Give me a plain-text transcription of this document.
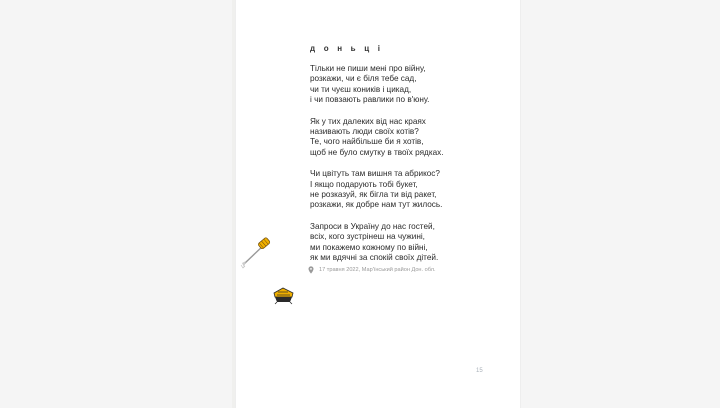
д о н ь ц і
Тільки не пиши мені про війну,
розкажи, чи є біля тебе сад,
чи ти чуєш коників і цикад,
і чи повзають равлики по в'юну.
Як у тих далеких від нас краях
називають люди своїх котів?
Те, чого найбільше би я хотів,
щоб не було смутку в твоїх рядках.
Чи цвітуть там вишня та абрикос?
І якщо подарують тобі букет,
не розказуй, як бігла ти від ракет,
розкажи, як добре нам тут жилось.
Запроси в Україну до нас гостей,
всіх, кого зустрінеш на чужині,
ми покажемо кожному по війні,
як ми вдячні за спокій своїх дітей.
17 травня 2022, Мар'їнський район Дон. обл.
15
